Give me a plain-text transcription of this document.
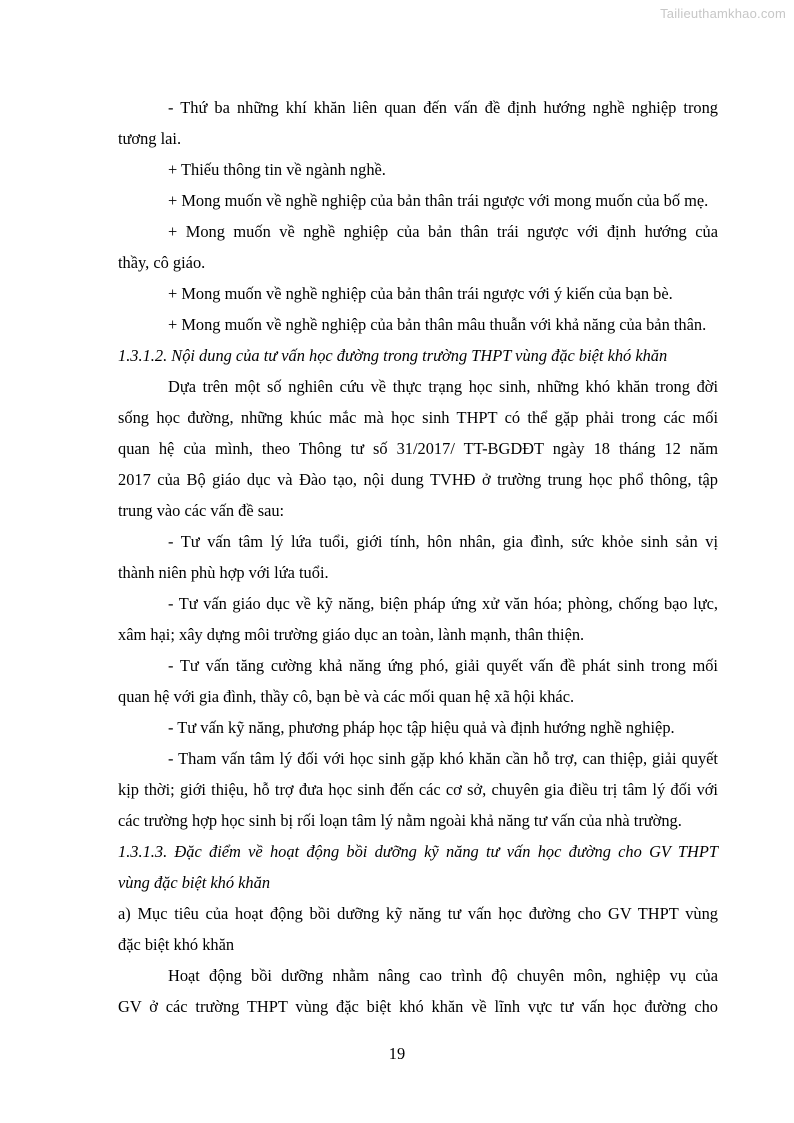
Tailieuthamkhao.com
- Thứ ba những khí khăn liên quan đến vấn đề định hướng nghề nghiệp trong
tương lai.
+ Thiếu thông tin về ngành nghề.
+ Mong muốn về nghề nghiệp của bản thân trái ngược với mong muốn của bố mẹ.
+ Mong muốn về nghề nghiệp của bản thân trái ngược với định hướng của
thầy, cô giáo.
+ Mong muốn về nghề nghiệp của bản thân trái ngược với ý kiến của bạn bè.
+ Mong muốn về nghề nghiệp của bản thân mâu thuẫn với khả năng của bản thân.
1.3.1.2. Nội dung của tư vấn học đường trong trường THPT vùng đặc biệt khó khăn
Dựa trên một số nghiên cứu về thực trạng học sinh, những khó khăn trong đời
sống học đường, những khúc mắc mà học sinh THPT có thể gặp phải trong các mối
quan hệ của mình, theo Thông tư số 31/2017/ TT-BGDĐT ngày 18 tháng 12 năm
2017 của Bộ giáo dục và Đào tạo, nội dung TVHĐ ở trường trung học phổ thông, tập
trung vào các vấn đề sau:
- Tư vấn tâm lý lứa tuổi, giới tính, hôn nhân, gia đình, sức khỏe sinh sản vị
thành niên phù hợp với lứa tuổi.
- Tư vấn giáo dục về kỹ năng, biện pháp ứng xử văn hóa; phòng, chống bạo lực,
xâm hại; xây dựng môi trường giáo dục an toàn, lành mạnh, thân thiện.
- Tư vấn tăng cường khả năng ứng phó, giải quyết vấn đề phát sinh trong mối
quan hệ với gia đình, thầy cô, bạn bè và các mối quan hệ xã hội khác.
- Tư vấn kỹ năng, phương pháp học tập hiệu quả và định hướng nghề nghiệp.
- Tham vấn tâm lý đối với học sinh gặp khó khăn cần hỗ trợ, can thiệp, giải quyết
kịp thời; giới thiệu, hỗ trợ đưa học sinh đến các cơ sở, chuyên gia điều trị tâm lý đối với
các trường hợp học sinh bị rối loạn tâm lý nằm ngoài khả năng tư vấn của nhà trường.
1.3.1.3. Đặc điểm về hoạt động bồi dưỡng kỹ năng tư vấn học đường cho GV THPT
vùng đặc biệt khó khăn
a) Mục tiêu của hoạt động bồi dưỡng kỹ năng tư vấn học đường cho GV THPT vùng
đặc biệt khó khăn
Hoạt động bồi dưỡng nhằm nâng cao trình độ chuyên môn, nghiệp vụ của
GV ở các trường THPT vùng đặc biệt khó khăn về lĩnh vực tư vấn học đường cho
19
